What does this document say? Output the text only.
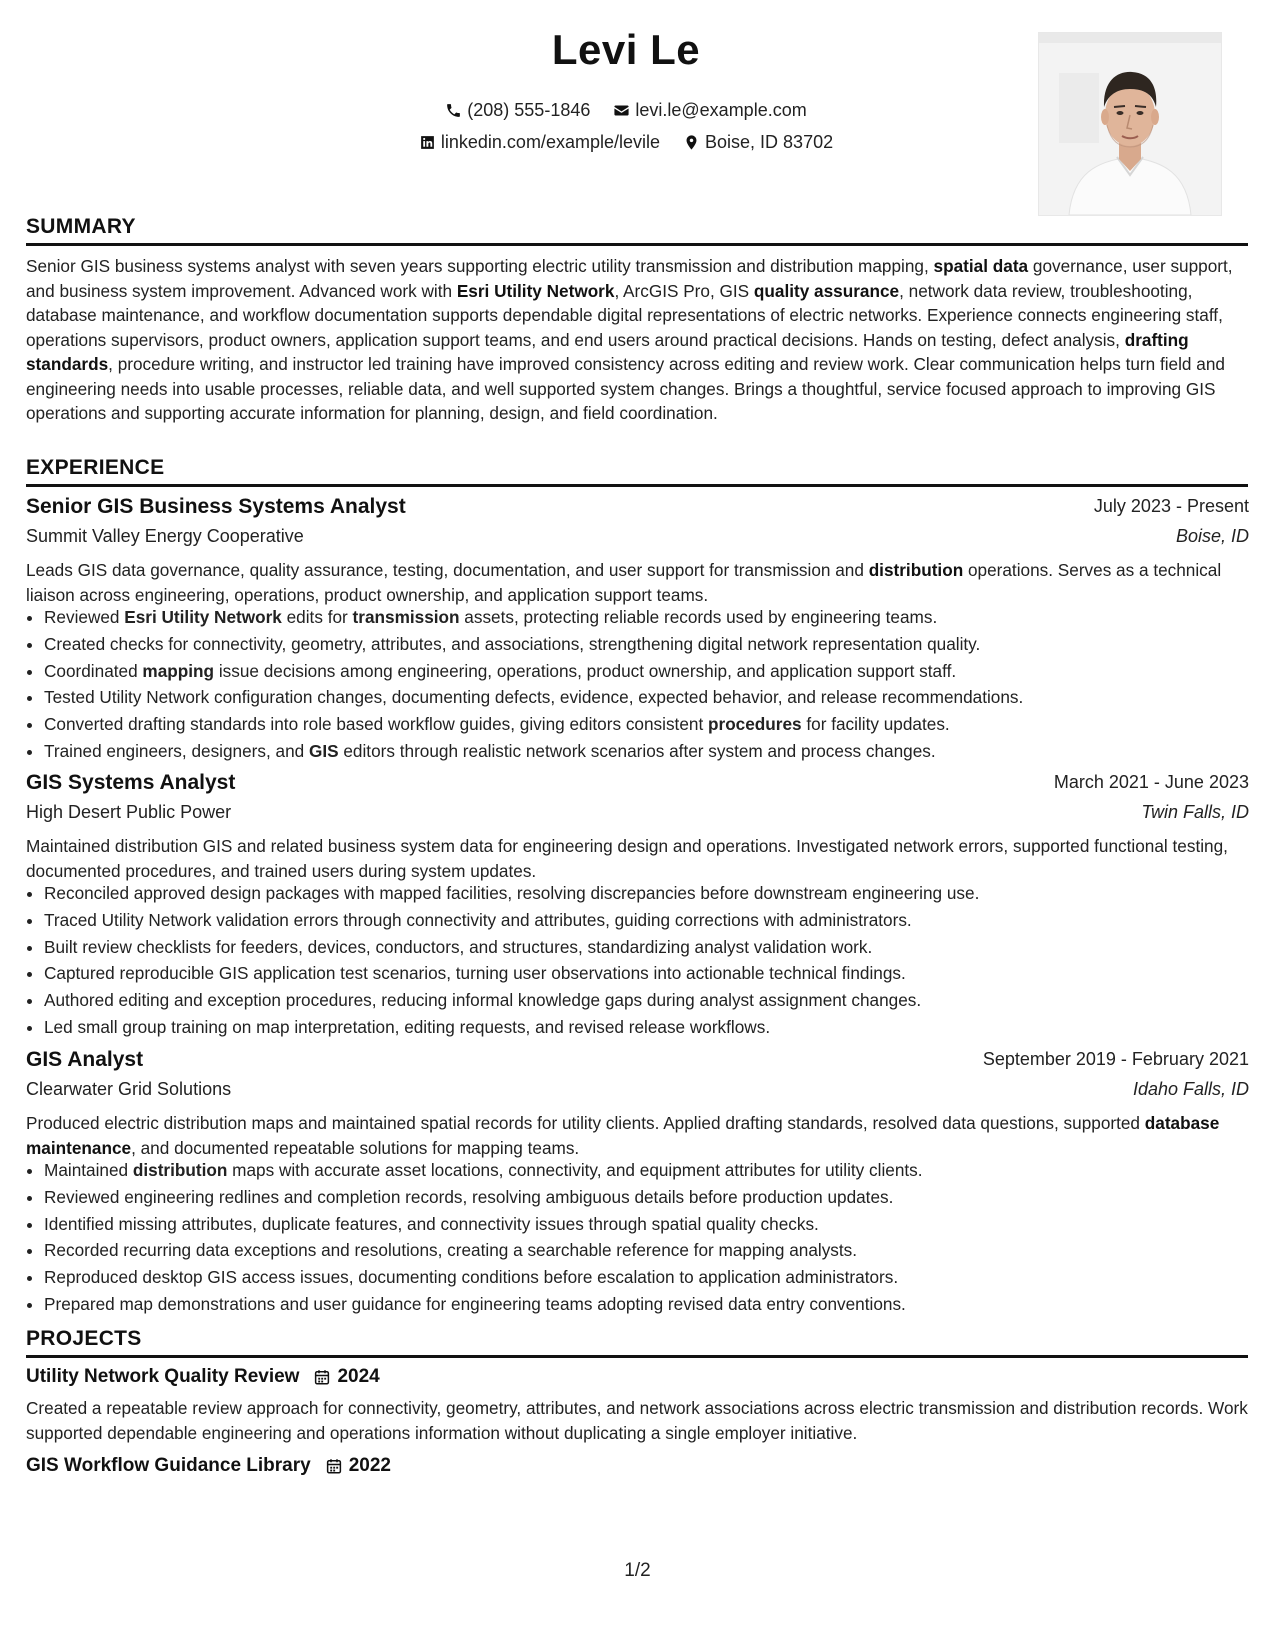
Levi Le
(208) 555-1846
	levi.le@example.com
linkedin.com/example/levile
	Boise, ID 83702
SUMMARY
Senior GIS business systems analyst with seven years supporting electric utility transmission and distribution mapping, spatial data governance, user support, and business system improvement. Advanced work with Esri Utility Network, ArcGIS Pro, GIS quality assurance, network data review, troubleshooting, database maintenance, and workflow documentation supports dependable digital representations of electric networks. Experience connects engineering staff, operations supervisors, product owners, application support teams, and end users around practical decisions. Hands on testing, defect analysis, drafting standards, procedure writing, and instructor led training have improved consistency across editing and review work. Clear communication helps turn field and engineering needs into usable processes, reliable data, and well supported system changes. Brings a thoughtful, service focused approach to improving GIS operations and supporting accurate information for planning, design, and field coordination.
EXPERIENCE
Senior GIS Business Systems Analyst	July 2023 - Present
Summit Valley Energy Cooperative	Boise, ID
Leads GIS data governance, quality assurance, testing, documentation, and user support for transmission and distribution operations. Serves as a technical liaison across engineering, operations, product ownership, and application support teams.
• Reviewed Esri Utility Network edits for transmission assets, protecting reliable records used by engineering teams.
• Created checks for connectivity, geometry, attributes, and associations, strengthening digital network representation quality.
• Coordinated mapping issue decisions among engineering, operations, product ownership, and application support staff.
• Tested Utility Network configuration changes, documenting defects, evidence, expected behavior, and release recommendations.
• Converted drafting standards into role based workflow guides, giving editors consistent procedures for facility updates.
• Trained engineers, designers, and GIS editors through realistic network scenarios after system and process changes.
GIS Systems Analyst	March 2021 - June 2023
High Desert Public Power	Twin Falls, ID
Maintained distribution GIS and related business system data for engineering design and operations. Investigated network errors, supported functional testing, documented procedures, and trained users during system updates.
• Reconciled approved design packages with mapped facilities, resolving discrepancies before downstream engineering use.
• Traced Utility Network validation errors through connectivity and attributes, guiding corrections with administrators.
• Built review checklists for feeders, devices, conductors, and structures, standardizing analyst validation work.
• Captured reproducible GIS application test scenarios, turning user observations into actionable technical findings.
• Authored editing and exception procedures, reducing informal knowledge gaps during analyst assignment changes.
• Led small group training on map interpretation, editing requests, and revised release workflows.
GIS Analyst	September 2019 - February 2021
Clearwater Grid Solutions	Idaho Falls, ID
Produced electric distribution maps and maintained spatial records for utility clients. Applied drafting standards, resolved data questions, supported database maintenance, and documented repeatable solutions for mapping teams.
• Maintained distribution maps with accurate asset locations, connectivity, and equipment attributes for utility clients.
• Reviewed engineering redlines and completion records, resolving ambiguous details before production updates.
• Identified missing attributes, duplicate features, and connectivity issues through spatial quality checks.
• Recorded recurring data exceptions and resolutions, creating a searchable reference for mapping analysts.
• Reproduced desktop GIS access issues, documenting conditions before escalation to application administrators.
• Prepared map demonstrations and user guidance for engineering teams adopting revised data entry conventions.
PROJECTS
Utility Network Quality Review 2024
Created a repeatable review approach for connectivity, geometry, attributes, and network associations across electric transmission and distribution records. Work supported dependable engineering and operations information without duplicating a single employer initiative.
GIS Workflow Guidance Library 2022
1/2
